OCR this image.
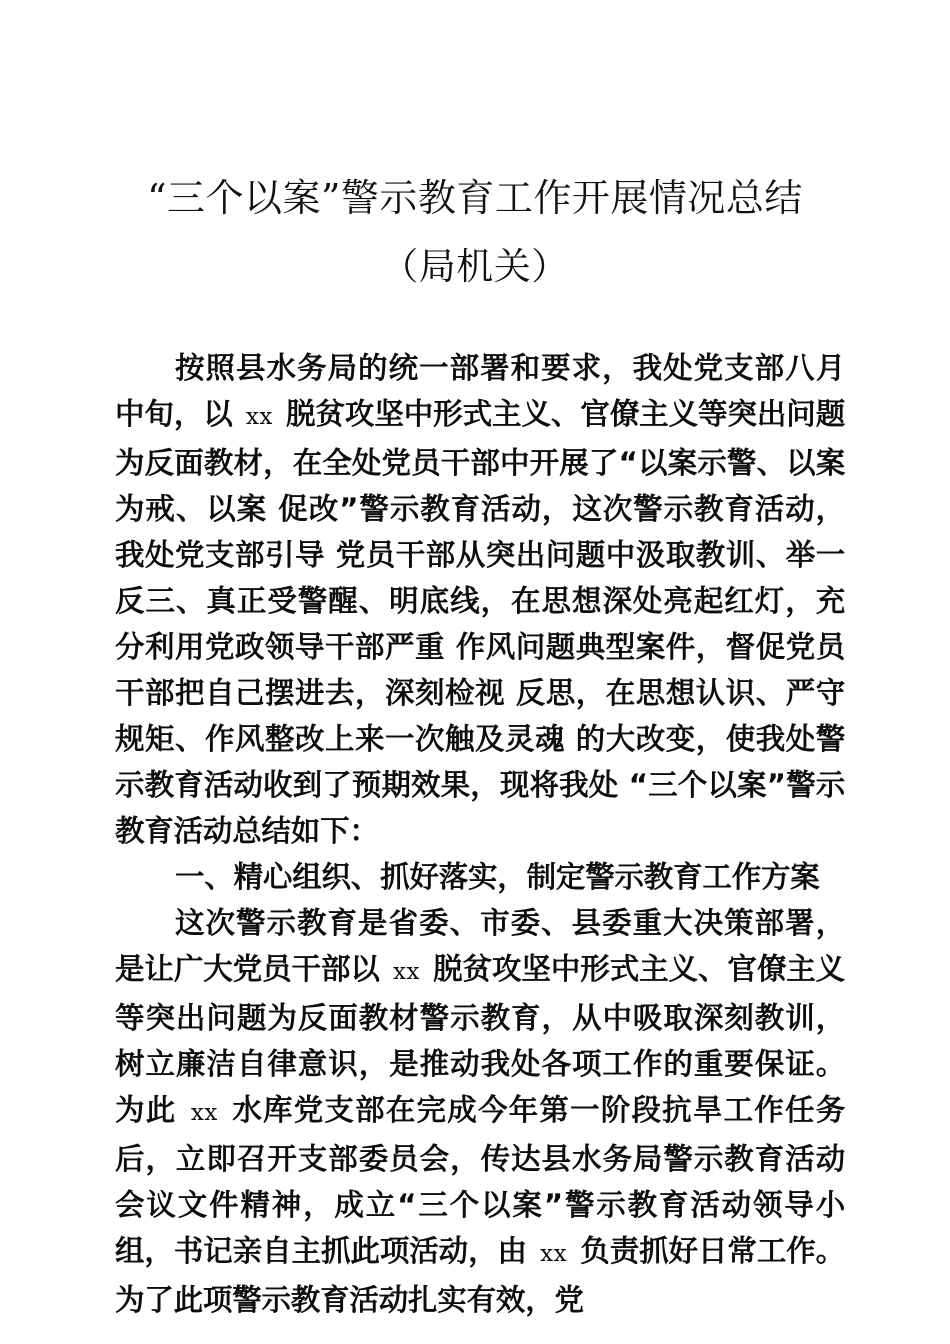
“三个以案”警示教育工作开展情况总结
（局机关）

按照县水务局的统一部署和要求，我处党支部八月中旬，以 xx 脱贫攻坚中形式主义、官僚主义等突出问题为反面教材，在全处党员干部中开展了“以案示警、以案为戒、以案 促改”警示教育活动，这次警示教育活动，我处党支部引导 党员干部从突出问题中汲取教训、举一反三、真正受警醒、明底线，在思想深处亮起红灯，充分利用党政领导干部严重 作风问题典型案件，督促党员干部把自己摆进去，深刻检视 反思，在思想认识、严守规矩、作风整改上来一次触及灵魂 的大改变，使我处警示教育活动收到了预期效果，现将我处 “三个以案”警示教育活动总结如下：

一、精心组织、抓好落实，制定警示教育工作方案

这次警示教育是省委、市委、县委重大决策部署，是让广大党员干部以 xx 脱贫攻坚中形式主义、官僚主义等突出问题为反面教材警示教育，从中吸取深刻教训，树立廉洁自律意识，是推动我处各项工作的重要保证。为此 xx 水库党支部在完成今年第一阶段抗旱工作任务后，立即召开支部委员会，传达县水务局警示教育活动会议文件精神，成立“三个以案”警示教育活动领导小组，书记亲自主抓此项活动，由 xx 负责抓好日常工作。为了此项警示教育活动扎实有效，党
